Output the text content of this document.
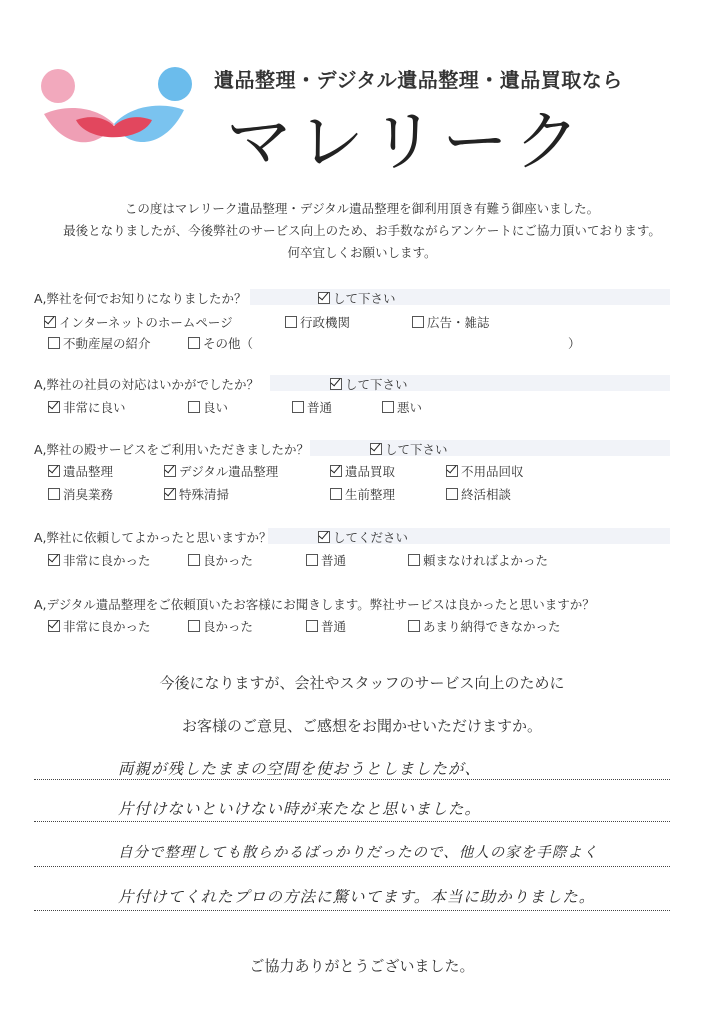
遺品整理・デジタル遺品整理・遺品買取なら
マレリーク
この度はマレリーク遺品整理・デジタル遺品整理を御利用頂き有難う御座いました。
最後となりましたが、今後弊社のサービス向上のため、お手数ながらアンケートにご協力頂いております。
何卒宜しくお願いします。
A,弊社を何でお知りになりましたか？	して下さい
インターネットのホームページ	行政機関	広告・雑誌
不動産屋の紹介	その他（	）
A,弊社の社員の対応はいかがでしたか？	して下さい
非常に良い	良い	普通	悪い
A,弊社の殿サービスをご利用いただきましたか？	して下さい
遺品整理	デジタル遺品整理	遺品買取	不用品回収
消臭業務	特殊清掃	生前整理	終活相談
A,弊社に依頼してよかったと思いますか？	してください
非常に良かった	良かった	普通	頼まなければよかった
A,デジタル遺品整理をご依頼頂いたお客様にお聞きします。弊社サービスは良かったと思いますか？
非常に良かった	良かった	普通	あまり納得できなかった
今後になりますが、会社やスタッフのサービス向上のために
お客様のご意見、ご感想をお聞かせいただけますか。
両親が残したままの空間を使おうとしましたが、
片付けないといけない時が来たなと思いました。
自分で整理しても散らかるばっかりだったので、他人の家を手際よく
片付けてくれたプロの方法に驚いてます。本当に助かりました。
ご協力ありがとうございました。
